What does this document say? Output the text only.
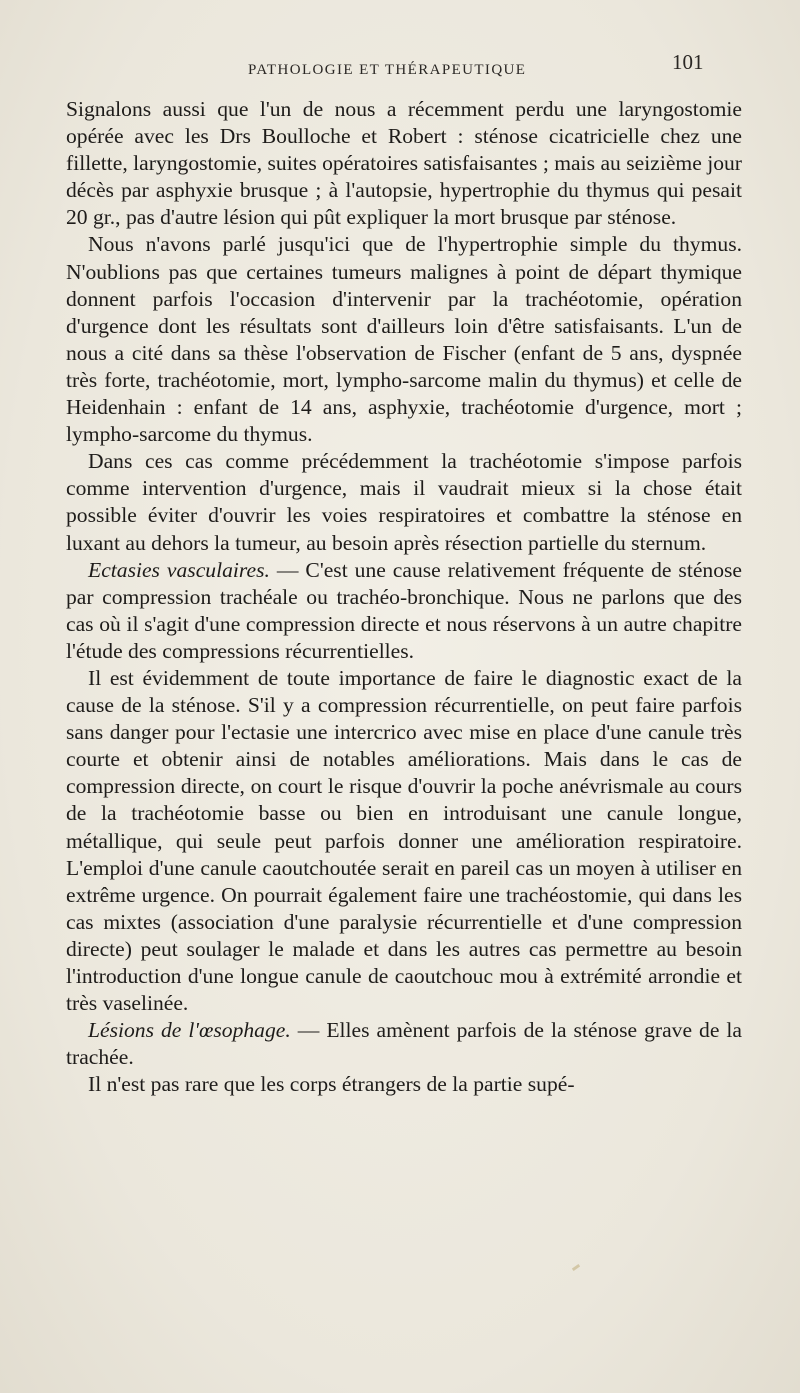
PATHOLOGIE ET THÉRAPEUTIQUE	101

Signalons aussi que l'un de nous a récemment perdu une laryngostomie opérée avec les Drs Boulloche et Robert : sténose cicatricielle chez une fillette, laryngostomie, suites opératoires satisfaisantes ; mais au seizième jour décès par asphyxie brusque ; à l'autopsie, hypertrophie du thymus qui pesait 20 gr., pas d'autre lésion qui pût expliquer la mort brusque par sténose.

Nous n'avons parlé jusqu'ici que de l'hypertrophie simple du thymus. N'oublions pas que certaines tumeurs malignes à point de départ thymique donnent parfois l'occasion d'intervenir par la trachéotomie, opération d'urgence dont les résultats sont d'ailleurs loin d'être satisfaisants. L'un de nous a cité dans sa thèse l'observation de Fischer (enfant de 5 ans, dyspnée très forte, trachéotomie, mort, lympho-sarcome malin du thymus) et celle de Heidenhain : enfant de 14 ans, asphyxie, trachéotomie d'urgence, mort ; lympho-sarcome du thymus.

Dans ces cas comme précédemment la trachéotomie s'impose parfois comme intervention d'urgence, mais il vaudrait mieux si la chose était possible éviter d'ouvrir les voies respiratoires et combattre la sténose en luxant au dehors la tumeur, au besoin après résection partielle du sternum.

Ectasies vasculaires. — C'est une cause relativement fréquente de sténose par compression trachéale ou trachéo-bronchique. Nous ne parlons que des cas où il s'agit d'une compression directe et nous réservons à un autre chapitre l'étude des compressions récurrentielles.

Il est évidemment de toute importance de faire le diagnostic exact de la cause de la sténose. S'il y a compression récurrentielle, on peut faire parfois sans danger pour l'ectasie une intercrico avec mise en place d'une canule très courte et obtenir ainsi de notables améliorations. Mais dans le cas de compression directe, on court le risque d'ouvrir la poche anévrismale au cours de la trachéotomie basse ou bien en introduisant une canule longue, métallique, qui seule peut parfois donner une amélioration respiratoire. L'emploi d'une canule caoutchoutée serait en pareil cas un moyen à utiliser en extrême urgence. On pourrait également faire une trachéostomie, qui dans les cas mixtes (association d'une paralysie récurrentielle et d'une compression directe) peut soulager le malade et dans les autres cas permettre au besoin l'introduction d'une longue canule de caoutchouc mou à extrémité arrondie et très vaselinée.

Lésions de l'œsophage. — Elles amènent parfois de la sténose grave de la trachée.

Il n'est pas rare que les corps étrangers de la partie supé-
